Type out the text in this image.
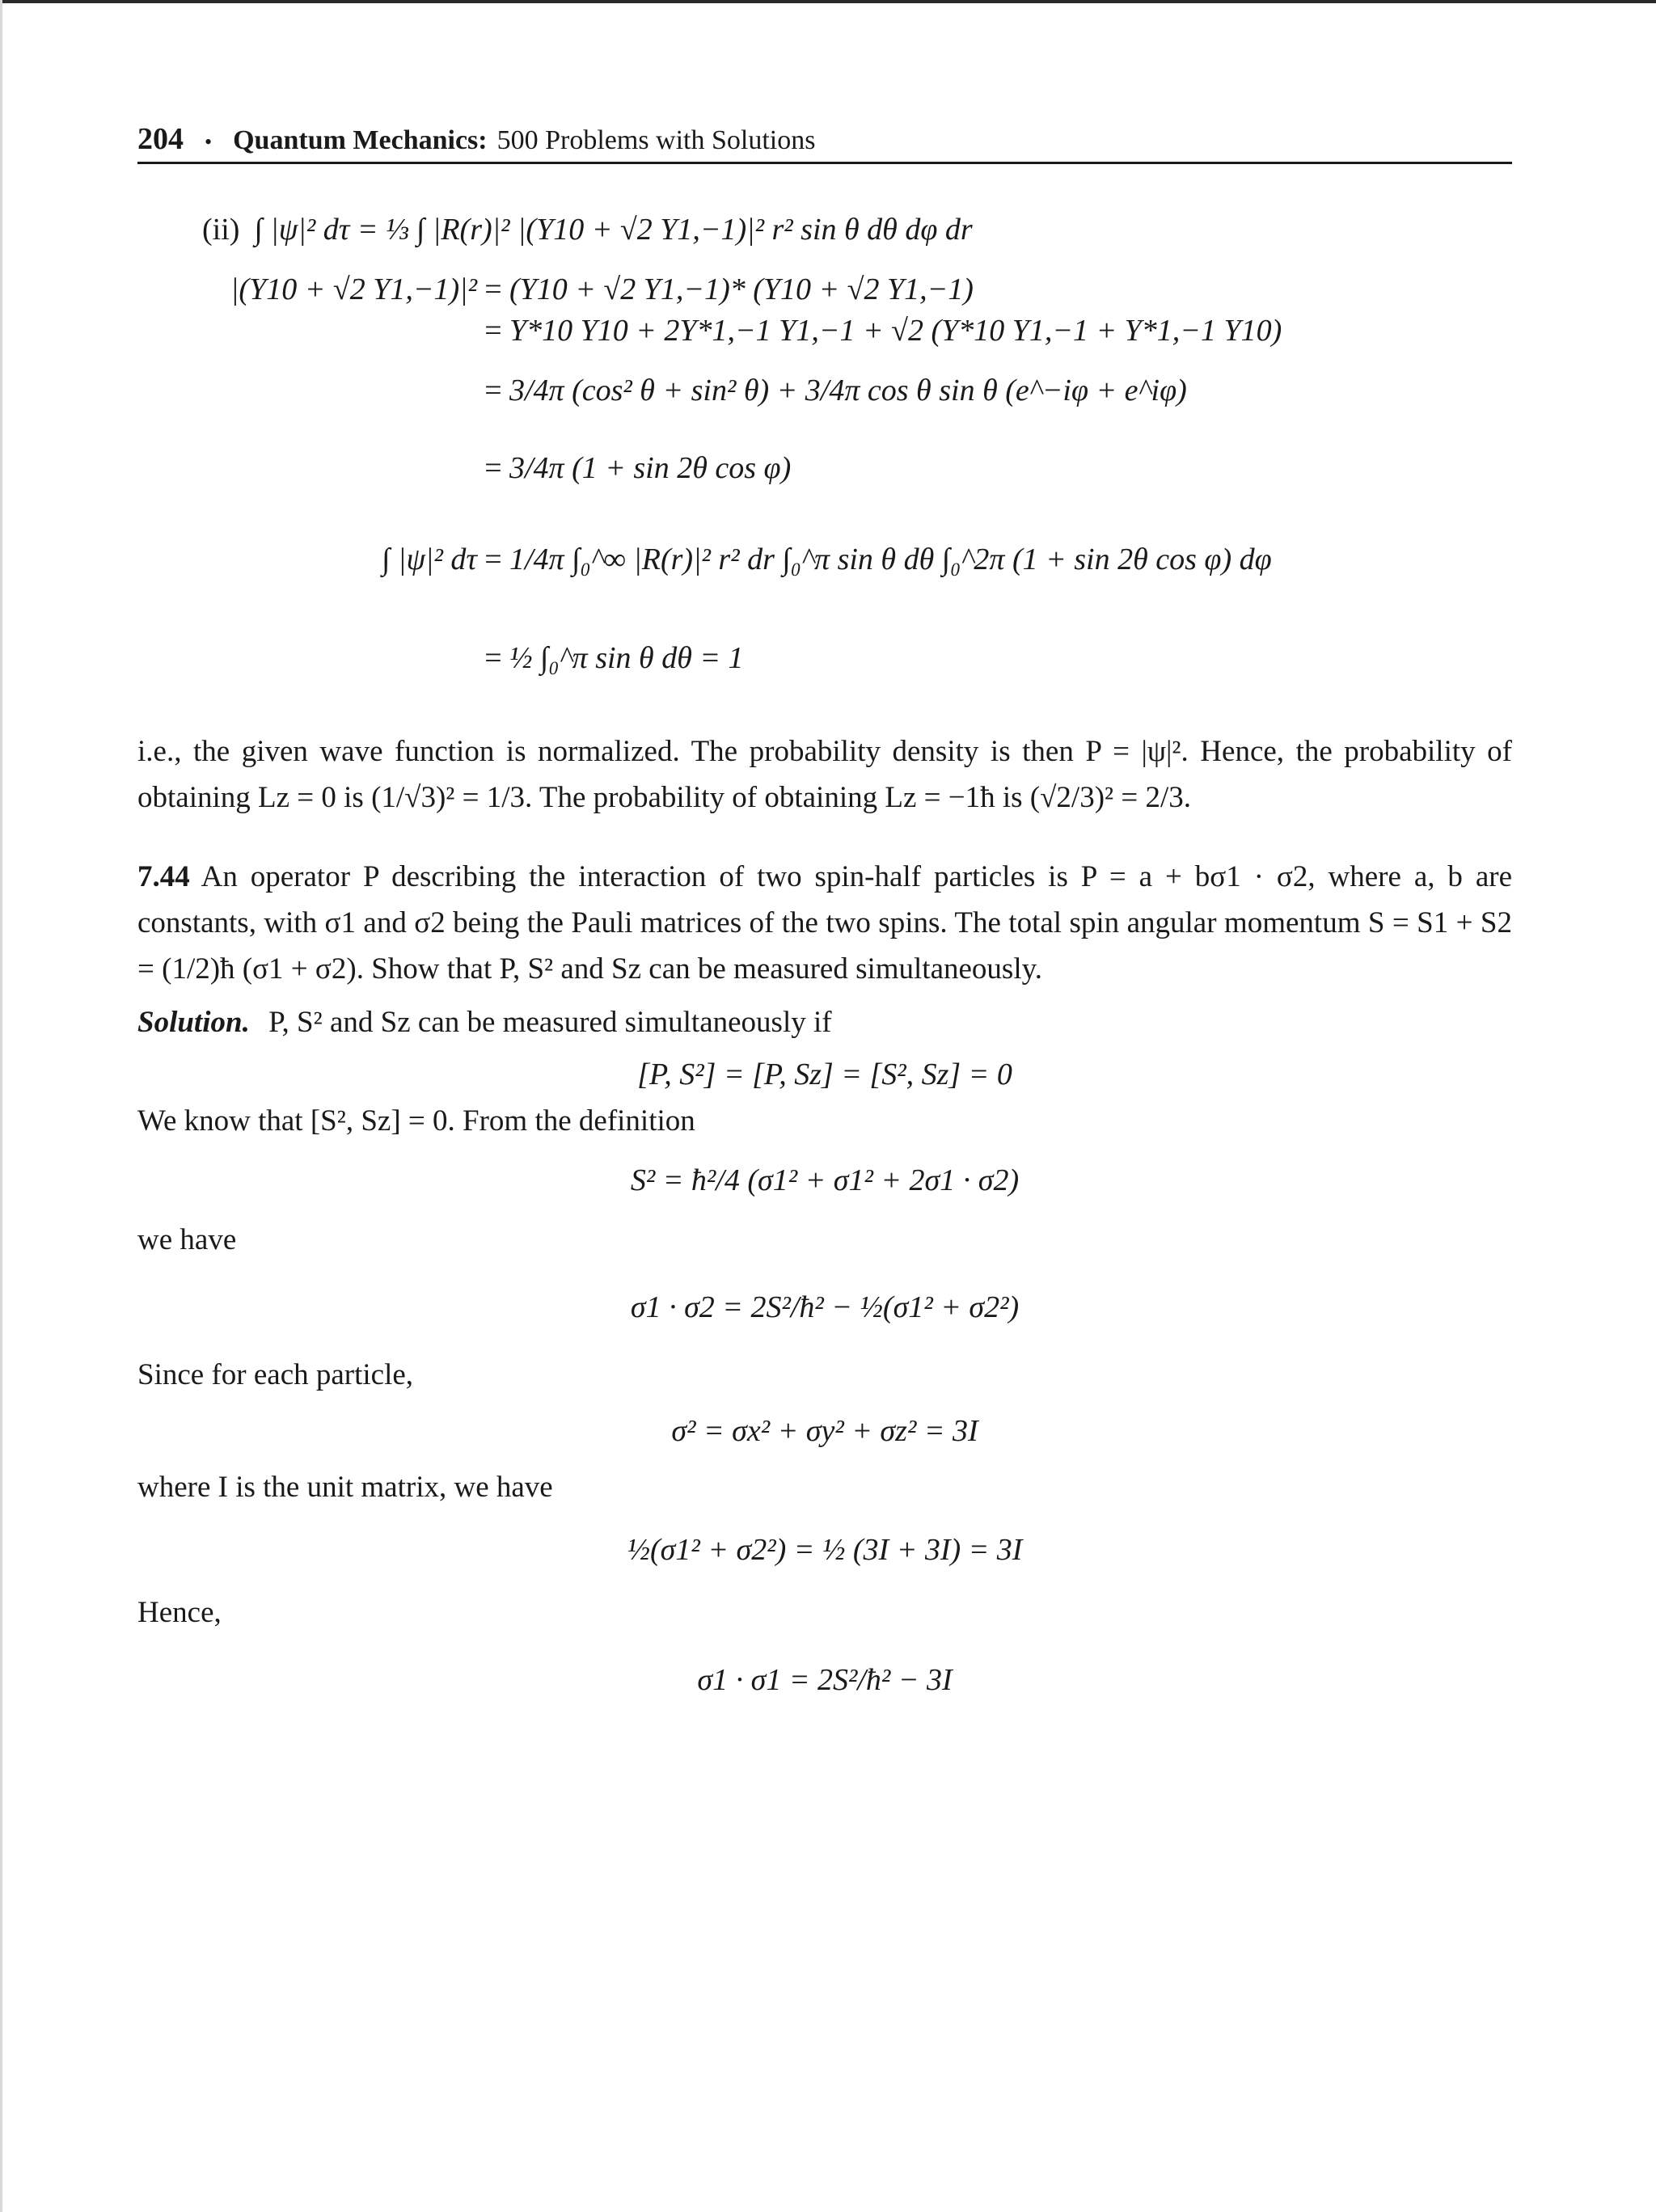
204 • Quantum Mechanics: 500 Problems with Solutions
(ii) ∫ |ψ|² dτ = ⅓ ∫ |R(r)|² |(Y10 + √2 Y1,−1)|² r² sin θ dθ dφ dr
|(Y10 + √2 Y1,−1)|² = (Y10 + √2 Y1,−1)* (Y10 + √2 Y1,−1)
= Y*10 Y10 + 2Y*1,−1 Y1,−1 + √2 (Y*10 Y1,−1 + Y*1,−1 Y10)
= 3/4π (cos² θ + sin² θ) + 3/4π cos θ sin θ (e^−iφ + e^iφ)
= 3/4π (1 + sin 2θ cos φ)
∫ |ψ|² dτ = 1/4π ∫₀^∞ |R(r)|² r² dr ∫₀^π sin θ dθ ∫₀^2π (1 + sin 2θ cos φ) dφ
= ½ ∫₀^π sin θ dθ = 1

i.e., the given wave function is normalized. The probability density is then P = |ψ|². Hence, the probability of obtaining Lz = 0 is (1/√3)² = 1/3. The probability of obtaining Lz = −1ħ is (√2/3)² = 2/3.

7.44 An operator P describing the interaction of two spin-half particles is P = a + bσ1 · σ2, where a, b are constants, with σ1 and σ2 being the Pauli matrices of the two spins. The total spin angular momentum S = S1 + S2 = (1/2)ħ (σ1 + σ2). Show that P, S² and Sz can be measured simultaneously.

Solution. P, S² and Sz can be measured simultaneously if

[P, S²] = [P, Sz] = [S², Sz] = 0
We know that [S², Sz] = 0. From the definition
S² = ħ²/4 (σ1² + σ1² + 2σ1 · σ2)
we have
σ1 · σ2 = 2S²/ħ² − ½(σ1² + σ2²)
Since for each particle,
σ² = σx² + σy² + σz² = 3I
where I is the unit matrix, we have
½(σ1² + σ2²) = ½ (3I + 3I) = 3I
Hence,
σ1 · σ1 = 2S²/ħ² − 3I
